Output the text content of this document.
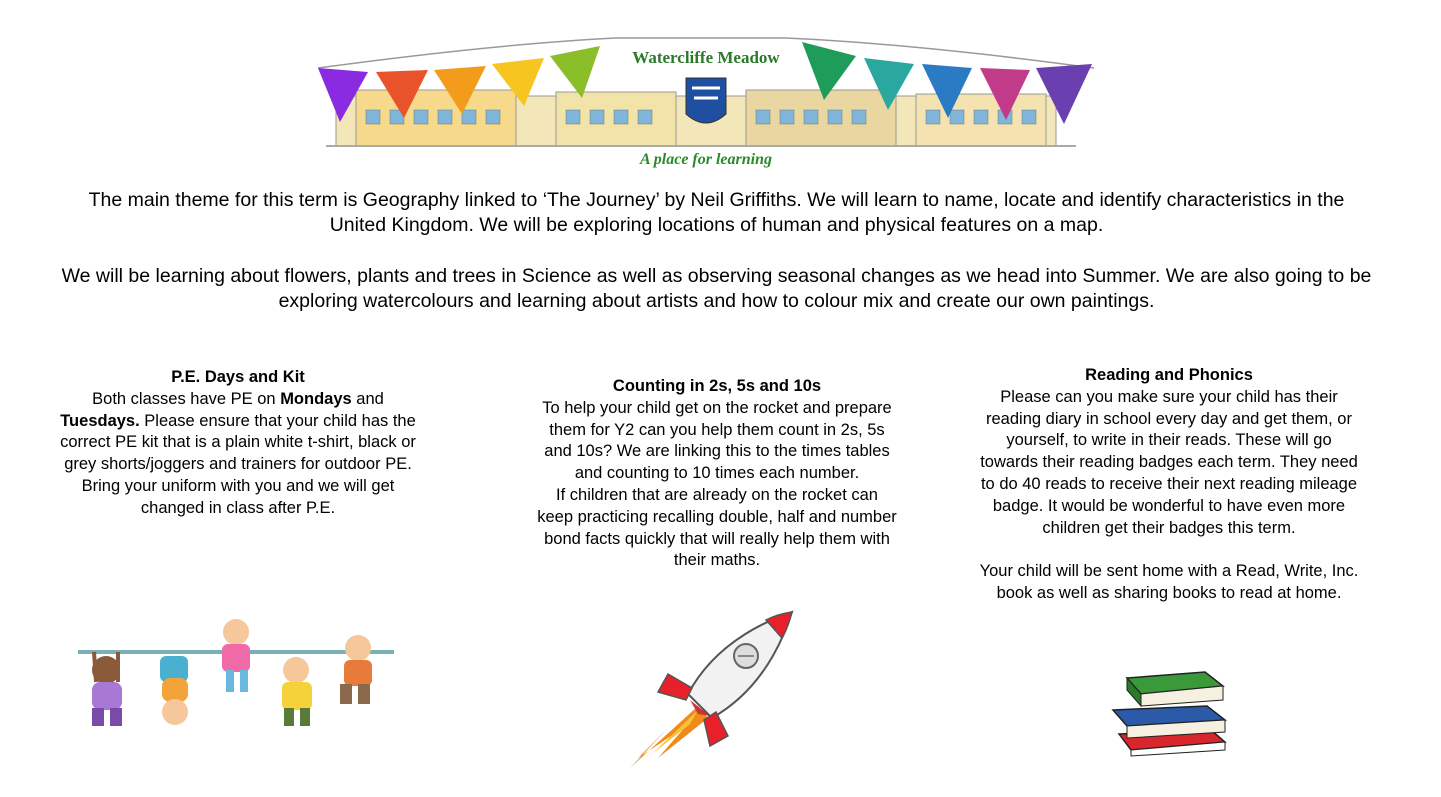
Watercliffe Meadow
A place for learning
The main theme for this term is Geography linked to ‘The Journey’ by Neil Griffiths. We will learn to name, locate and identify characteristics in the United Kingdom. We will be exploring locations of human and physical features on a map.
We will be learning about flowers, plants and trees in Science as well as observing seasonal changes as we head into Summer. We are also going to be exploring watercolours and learning about artists and how to colour mix and create our own paintings.
P.E. Days and Kit

Both classes have PE on Mondays and Tuesdays. Please ensure that your child has the correct PE kit that is a plain white t-shirt, black or grey shorts/joggers and trainers for outdoor PE. Bring your uniform with you and we will get changed in class after P.E.

Counting in 2s, 5s and 10s

To help your child get on the rocket and prepare them for Y2 can you help them count in 2s, 5s and 10s? We are linking this to the times tables and counting to 10 times each number.

If children that are already on the rocket can keep practicing recalling double, half and number bond facts quickly that will really help them with their maths.

Reading and Phonics

Please can you make sure your child has their reading diary in school every day and get them, or yourself, to write in their reads. These will go towards their reading badges each term. They need to do 40 reads to receive their next reading mileage badge. It would be wonderful to have even more children get their badges this term.

Your child will be sent home with a Read, Write, Inc. book as well as sharing books to read at home.
